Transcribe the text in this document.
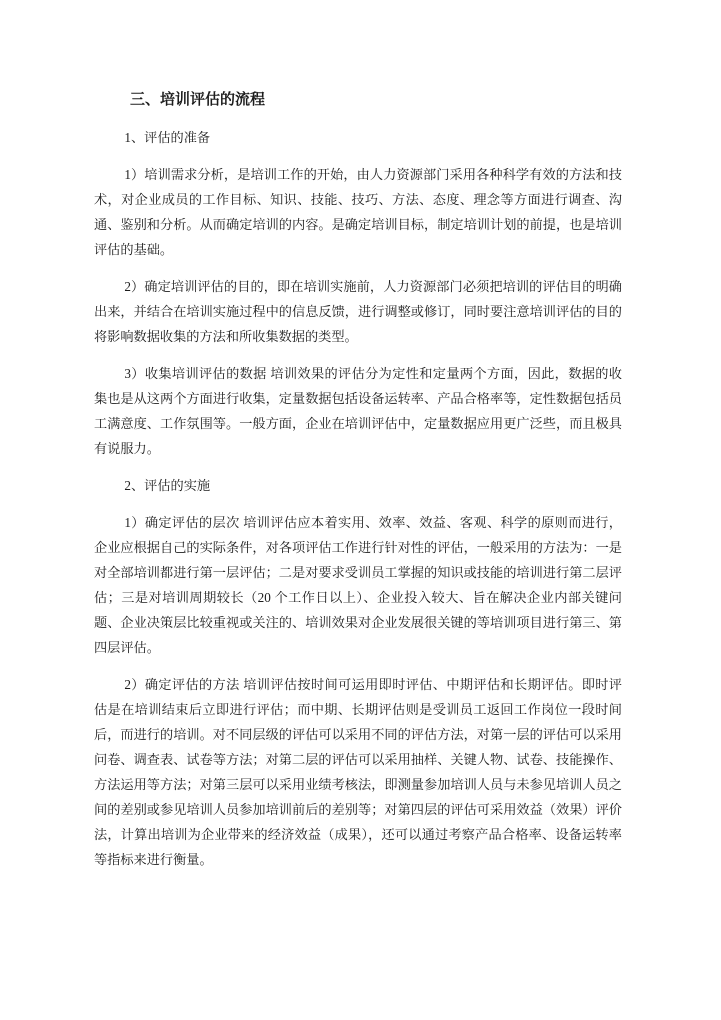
三、培训评估的流程

1、评估的准备

1）培训需求分析，是培训工作的开始，由人力资源部门采用各种科学有效的方法和技术，对企业成员的工作目标、知识、技能、技巧、方法、态度、理念等方面进行调查、沟通、鉴别和分析。从而确定培训的内容。是确定培训目标，制定培训计划的前提，也是培训评估的基础。

2）确定培训评估的目的，即在培训实施前，人力资源部门必须把培训的评估目的明确出来，并结合在培训实施过程中的信息反馈，进行调整或修订，同时要注意培训评估的目的将影响数据收集的方法和所收集数据的类型。

3）收集培训评估的数据 培训效果的评估分为定性和定量两个方面，因此，数据的收集也是从这两个方面进行收集，定量数据包括设备运转率、产品合格率等，定性数据包括员工满意度、工作氛围等。一般方面，企业在培训评估中，定量数据应用更广泛些，而且极具有说服力。

2、评估的实施

1）确定评估的层次 培训评估应本着实用、效率、效益、客观、科学的原则而进行，企业应根据自己的实际条件，对各项评估工作进行针对性的评估，一般采用的方法为：一是对全部培训都进行第一层评估；二是对要求受训员工掌握的知识或技能的培训进行第二层评估；三是对培训周期较长（20 个工作日以上）、企业投入较大、旨在解决企业内部关键问题、企业决策层比较重视或关注的、培训效果对企业发展很关键的等培训项目进行第三、第四层评估。

2）确定评估的方法 培训评估按时间可运用即时评估、中期评估和长期评估。即时评估是在培训结束后立即进行评估；而中期、长期评估则是受训员工返回工作岗位一段时间后，而进行的培训。对不同层级的评估可以采用不同的评估方法，对第一层的评估可以采用问卷、调查表、试卷等方法；对第二层的评估可以采用抽样、关键人物、试卷、技能操作、方法运用等方法；对第三层可以采用业绩考核法，即测量参加培训人员与未参见培训人员之间的差别或参见培训人员参加培训前后的差别等；对第四层的评估可采用效益（效果）评价法，计算出培训为企业带来的经济效益（成果），还可以通过考察产品合格率、设备运转率等指标来进行衡量。
